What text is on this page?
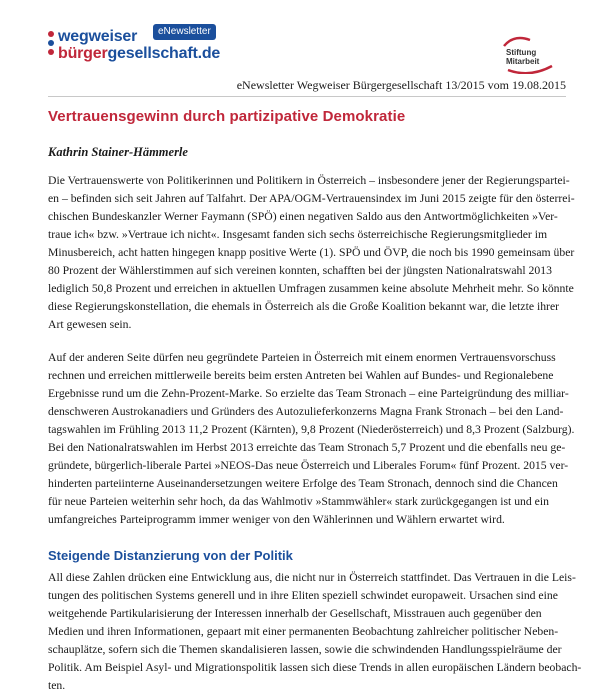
wegweiser
bürgergesellschaft.de
eNewsletter
Stiftung
Mitarbeit
eNewsletter Wegweiser Bürgergesellschaft 13/2015 vom 19.08.2015
Vertrauensgewinn durch partizipative Demokratie
Kathrin Stainer-Hämmerle
Die Vertrauenswerte von Politikerinnen und Politikern in Österreich – insbesondere jener der Regierungspartei-
en – befinden sich seit Jahren auf Talfahrt. Der APA/OGM-Vertrauensindex im Juni 2015 zeigte für den österrei-
chischen Bundeskanzler Werner Faymann (SPÖ) einen negativen Saldo aus den Antwortmöglichkeiten »Ver-
traue ich« bzw. »Vertraue ich nicht«. Insgesamt fanden sich sechs österreichische Regierungsmitglieder im
Minusbereich, acht hatten hingegen knapp positive Werte (1). SPÖ und ÖVP, die noch bis 1990 gemeinsam über
80 Prozent der Wählerstimmen auf sich vereinen konnten, schafften bei der jüngsten Nationalratswahl 2013
lediglich 50,8 Prozent und erreichen in aktuellen Umfragen zusammen keine absolute Mehrheit mehr. So könnte
diese Regierungskonstellation, die ehemals in Österreich als die Große Koalition bekannt war, die letzte ihrer
Art gewesen sein.
Auf der anderen Seite dürfen neu gegründete Parteien in Österreich mit einem enormen Vertrauensvorschuss
rechnen und erreichen mittlerweile bereits beim ersten Antreten bei Wahlen auf Bundes- und Regionalebene
Ergebnisse rund um die Zehn-Prozent-Marke. So erzielte das Team Stronach – eine Parteigründung des milliar-
denschweren Austrokanadiers und Gründers des Autozulieferkonzerns Magna Frank Stronach – bei den Land-
tagswahlen im Frühling 2013 11,2 Prozent (Kärnten), 9,8 Prozent (Niederösterreich) und 8,3 Prozent (Salzburg).
Bei den Nationalratswahlen im Herbst 2013 erreichte das Team Stronach 5,7 Prozent und die ebenfalls neu ge-
gründete, bürgerlich-liberale Partei »NEOS-Das neue Österreich und Liberales Forum« fünf Prozent. 2015 ver-
hinderten parteiinterne Auseinandersetzungen weitere Erfolge des Team Stronach, dennoch sind die Chancen
für neue Parteien weiterhin sehr hoch, da das Wahlmotiv »Stammwähler« stark zurückgegangen ist und ein
umfangreiches Parteiprogramm immer weniger von den Wählerinnen und Wählern erwartet wird.
Steigende Distanzierung von der Politik
All diese Zahlen drücken eine Entwicklung aus, die nicht nur in Österreich stattfindet. Das Vertrauen in die Leis-
tungen des politischen Systems generell und in ihre Eliten speziell schwindet europaweit. Ursachen sind eine
weitgehende Partikularisierung der Interessen innerhalb der Gesellschaft, Misstrauen auch gegenüber den
Medien und ihren Informationen, gepaart mit einer permanenten Beobachtung zahlreicher politischer Neben-
schauplätze, sofern sich die Themen skandalisieren lassen, sowie die schwindenden Handlungsspielräume der
Politik. Am Beispiel Asyl- und Migrationspolitik lassen sich diese Trends in allen europäischen Ländern beobach-
ten.
